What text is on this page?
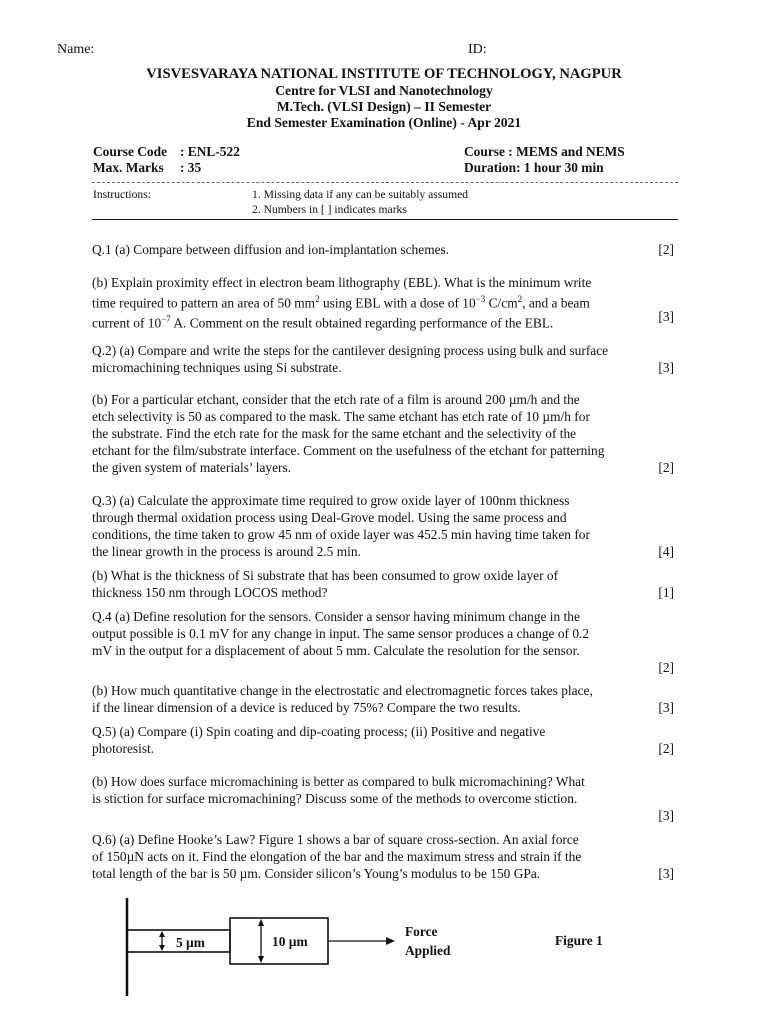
Name:	ID:
VISVESVARAYA NATIONAL INSTITUTE OF TECHNOLOGY, NAGPUR
Centre for VLSI and Nanotechnology
M.Tech. (VLSI Design) – II Semester
End Semester Examination (Online) - Apr 2021
Course Code : ENL-522
Max. Marks : 35
Course : MEMS and NEMS
Duration: 1 hour 30 min
Instructions:	1. Missing data if any can be suitably assumed
2. Numbers in [ ] indicates marks
Q.1 (a) Compare between diffusion and ion-implantation schemes.	[2]
(b) Explain proximity effect in electron beam lithography (EBL). What is the minimum write
time required to pattern an area of 50 $mm^2$ using EBL with a dose of $10^{-3}$ $C/cm^2$, and a beam
current of $10^{-7}$ A. Comment on the result obtained regarding performance of the EBL.	[3]
Q.2) (a) Compare and write the steps for the cantilever designing process using bulk and surface
micromachining techniques using Si substrate.	[3]
(b) For a particular etchant, consider that the etch rate of a film is around 200 µm/h and the
etch selectivity is 50 as compared to the mask. The same etchant has etch rate of 10 µm/h for
the substrate. Find the etch rate for the mask for the same etchant and the selectivity of the
etchant for the film/substrate interface. Comment on the usefulness of the etchant for patterning
the given system of materials’ layers.	[2]
Q.3) (a) Calculate the approximate time required to grow oxide layer of 100nm thickness
through thermal oxidation process using Deal-Grove model. Using the same process and
conditions, the time taken to grow 45 nm of oxide layer was 452.5 min having time taken for
the linear growth in the process is around 2.5 min.	[4]
(b) What is the thickness of Si substrate that has been consumed to grow oxide layer of
thickness 150 nm through LOCOS method?	[1]
Q.4 (a) Define resolution for the sensors. Consider a sensor having minimum change in the
output possible is 0.1 mV for any change in input. The same sensor produces a change of 0.2
mV in the output for a displacement of about 5 mm. Calculate the resolution for the sensor.
[2]
(b) How much quantitative change in the electrostatic and electromagnetic forces takes place,
if the linear dimension of a device is reduced by 75%? Compare the two results.	[3]
Q.5) (a) Compare (i) Spin coating and dip-coating process; (ii) Positive and negative
photoresist.	[2]
(b) How does surface micromachining is better as compared to bulk micromachining? What
is stiction for surface micromachining? Discuss some of the methods to overcome stiction.
[3]
Q.6) (a) Define Hooke’s Law? Figure 1 shows a bar of square cross-section. An axial force
of 150µN acts on it. Find the elongation of the bar and the maximum stress and strain if the
total length of the bar is 50 µm. Consider silicon’s Young’s modulus to be 150 GPa.	[3]
5 µm	10 µm
Force
Applied
Figure 1
